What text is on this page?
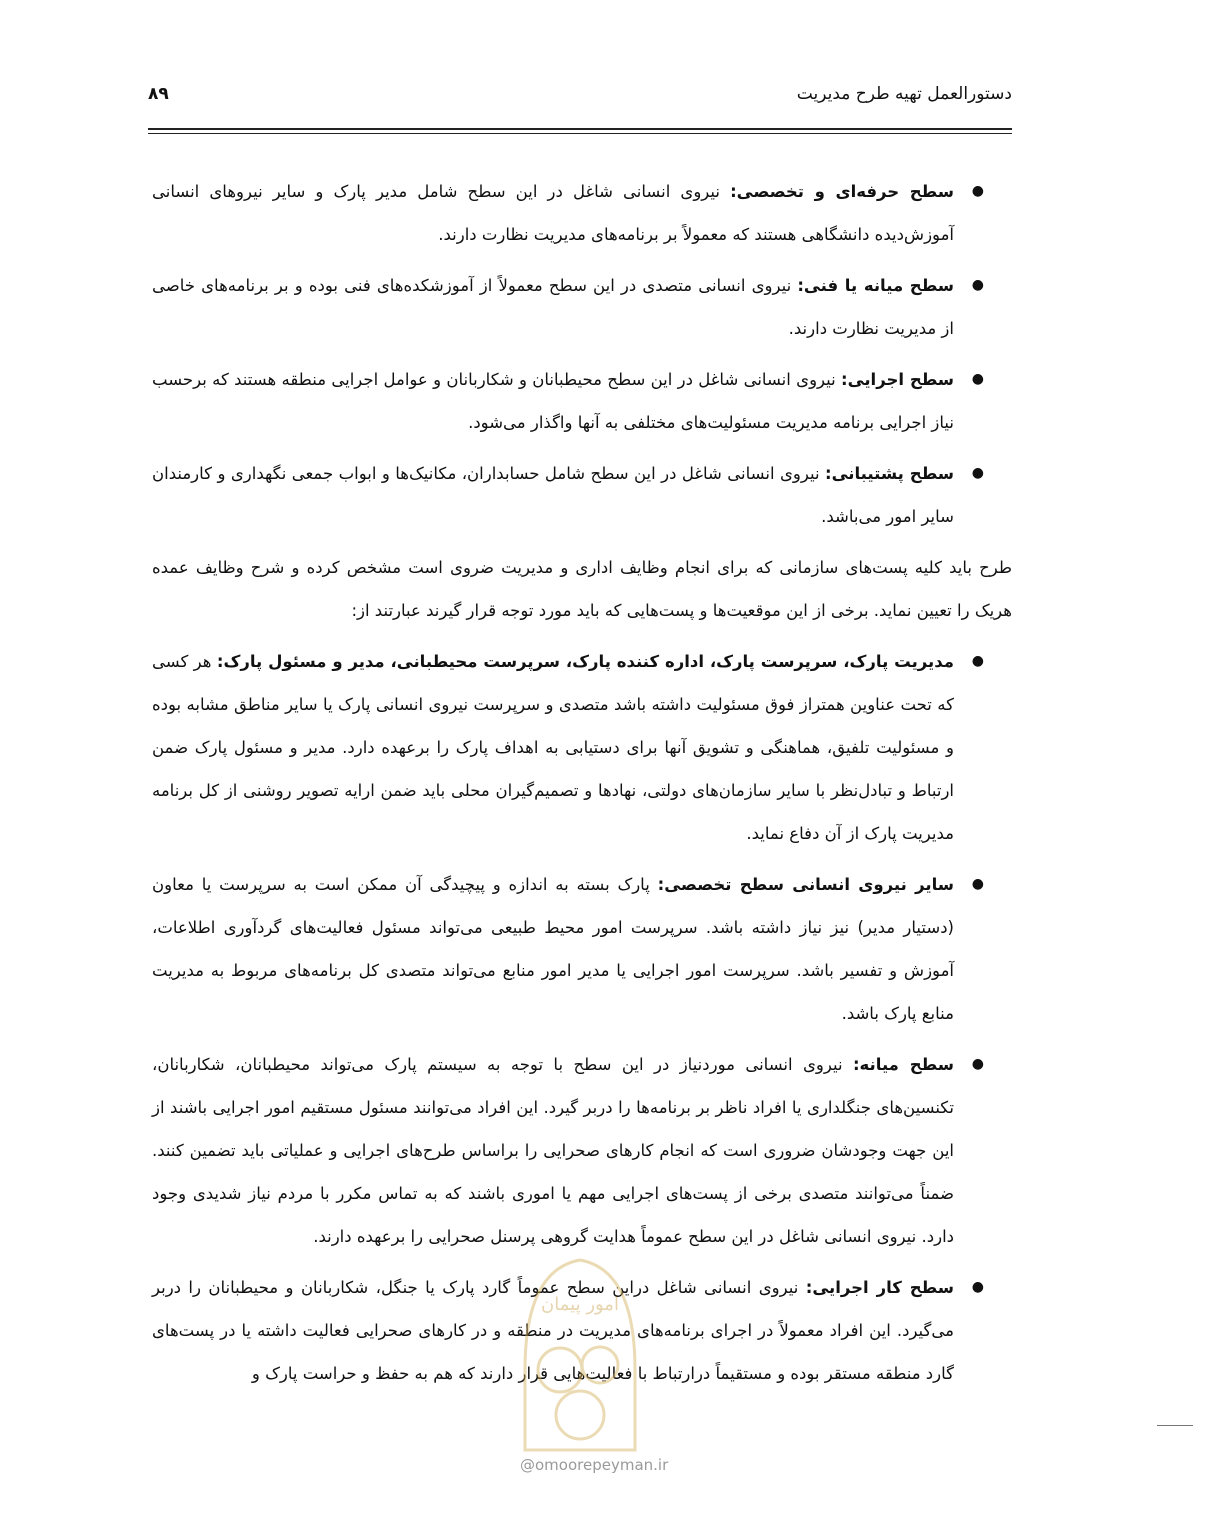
دستورالعمل تهیه طرح مدیریت
۸۹
●
سطح حرفه‌ای و تخصصی: نیروی انسانی شاغل در این سطح شامل مدیر پارک و سایر نیروهای انسانی آموزش‌دیده دانشگاهی هستند که معمولاً بر برنامه‌های مدیریت نظارت دارند.
●
سطح میانه یا فنی: نیروی انسانی متصدی در این سطح معمولاً از آموزشکده‌های فنی بوده و بر برنامه‌های خاصی از مدیریت نظارت دارند.
●
سطح اجرایی: نیروی انسانی شاغل در این سطح محیطبانان و شکاربانان و عوامل اجرایی منطقه هستند که برحسب نیاز اجرایی برنامه مدیریت مسئولیت‌های مختلفی به آنها واگذار می‌شود.
●
سطح پشتیبانی: نیروی انسانی شاغل در این سطح شامل حسابداران، مکانیک‌ها و ابواب جمعی نگهداری و کارمندان سایر امور می‌باشد.
طرح باید کلیه پست‌های سازمانی که برای انجام وظایف اداری و مدیریت ضروی است مشخص کرده و شرح وظایف عمده هریک را تعیین نماید. برخی از این موقعیت‌ها و پست‌هایی که باید مورد توجه قرار گیرند عبارتند از:
●
مدیریت پارک، سرپرست پارک، اداره کننده پارک، سرپرست محیطبانی، مدیر و مسئول پارک: هر کسی که تحت عناوین همتراز فوق مسئولیت داشته باشد متصدی و سرپرست نیروی انسانی پارک یا سایر مناطق مشابه بوده و مسئولیت تلفیق، هماهنگی و تشویق آنها برای دستیابی به اهداف پارک را برعهده دارد. مدیر و مسئول پارک ضمن ارتباط و تبادل‌نظر با سایر سازمان‌های دولتی، نهادها و تصمیم‌گیران محلی باید ضمن ارایه تصویر روشنی از کل برنامه مدیریت پارک از آن دفاع نماید.
●
سایر نیروی انسانی سطح تخصصی: پارک بسته به اندازه و پیچیدگی آن ممکن است به سرپرست یا معاون (دستیار مدیر) نیز نیاز داشته باشد. سرپرست امور محیط طبیعی می‌تواند مسئول فعالیت‌های گردآوری اطلاعات، آموزش و تفسیر باشد. سرپرست امور اجرایی یا مدیر امور منابع می‌تواند متصدی کل برنامه‌های مربوط به مدیریت منابع پارک باشد.
●
سطح میانه: نیروی انسانی موردنیاز در این سطح با توجه به سیستم پارک می‌تواند محیطبانان، شکاربانان، تکنسین‌های جنگلداری یا افراد ناظر بر برنامه‌ها را دربر گیرد. این افراد می‌توانند مسئول مستقیم امور اجرایی باشند از این جهت وجودشان ضروری است که انجام کارهای صحرایی را براساس طرح‌های اجرایی و عملیاتی باید تضمین کنند. ضمناً می‌توانند متصدی برخی از پست‌های اجرایی مهم یا اموری باشند که به تماس مکرر با مردم نیاز شدیدی وجود دارد. نیروی انسانی شاغل در این سطح عموماً هدایت گروهی پرسنل صحرایی را برعهده دارند.
●
سطح کار اجرایی: نیروی انسانی شاغل دراین سطح عموماً گارد پارک یا جنگل، شکاربانان و محیطبانان را دربر می‌گیرد. این افراد معمولاً در اجرای برنامه‌های مدیریت در منطقه و در کارهای صحرایی فعالیت داشته یا در پست‌های گارد منطقه مستقر بوده و مستقیماً درارتباط با فعالیت‌هایی قرار دارند که هم به حفظ و حراست پارک و
امور پیمان
@omoorepeyman.ir
